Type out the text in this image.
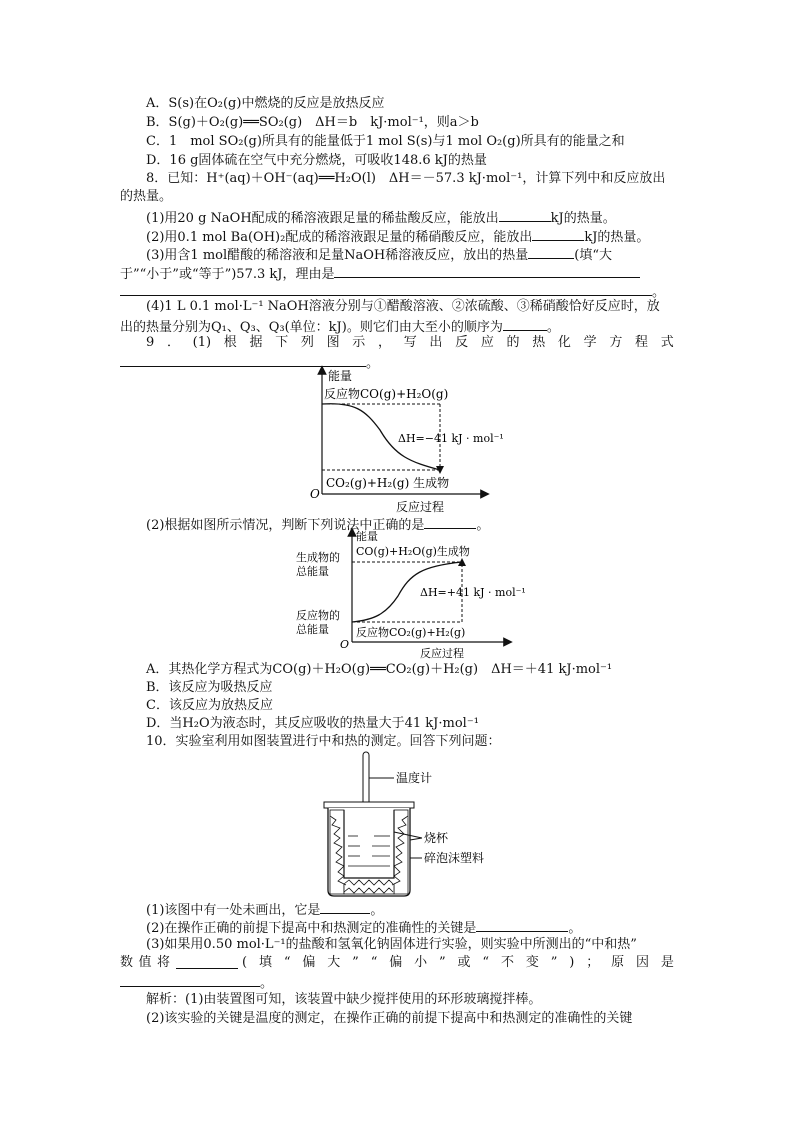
A．S(s)在O₂(g)中燃烧的反应是放热反应
B．S(g)＋O₂(g)══SO₂(g)　ΔH＝b　kJ·mol⁻¹，则a＞b
C．1　mol SO₂(g)所具有的能量低于1 mol S(s)与1 mol O₂(g)所具有的能量之和
D．16 g固体硫在空气中充分燃烧，可吸收148.6 kJ的热量
8．已知：H⁺(aq)＋OH⁻(aq)══H₂O(l)　ΔH＝－57.3 kJ·mol⁻¹，计算下列中和反应放出
的热量。
(1)用20 g NaOH配成的稀溶液跟足量的稀盐酸反应，能放出	kJ的热量。
(2)用0.1 mol Ba(OH)₂配成的稀溶液跟足量的稀硝酸反应，能放出	kJ的热量。
(3)用含1 mol醋酸的稀溶液和足量NaOH稀溶液反应，放出的热量	(填“大
于”“小于”或“等于”)57.3 kJ，理由是
。
(4)1 L 0.1 mol·L⁻¹ NaOH溶液分别与①醋酸溶液、②浓硫酸、③稀硝酸恰好反应时，放
出的热量分别为Q₁、Q₃、Q₃(单位：kJ)。则它们由大至小的顺序为	。
9 ． (1) 根 据 下 列 图 示 ， 写 出 反 应 的 热 化 学 方 程 式
。
能量
反应物CO(g)+H₂O(g)
ΔH=−41 kJ · mol⁻¹
CO₂(g)+H₂(g) 生成物
O
反应过程
(2)根据如图所示情况，判断下列说法中正确的是	。
能量
生成物的
总能量
CO(g)+H₂O(g)生成物
ΔH=+41 kJ · mol⁻¹
反应物的
总能量 反应物CO₂(g)+H₂(g)
O
反应过程
A．其热化学方程式为CO(g)＋H₂O(g)══CO₂(g)＋H₂(g)　ΔH＝＋41 kJ·mol⁻¹
B．该反应为吸热反应
C．该反应为放热反应
D．当H₂O为液态时，其反应吸收的热量大于41 kJ·mol⁻¹
10．实验室利用如图装置进行中和热的测定。回答下列问题：
温度计
烧杯
碎泡沫塑料
(1)该图中有一处未画出，它是	。
(2)在操作正确的前提下提高中和热测定的准确性的关键是	。
(3)如果用0.50 mol·L⁻¹的盐酸和氢氧化钠固体进行实验，则实验中所测出的“中和热”
数 值 将	( 填 “ 偏 大 ” “ 偏 小 ” 或 “ 不 变 ” ) ； 原 因 是
。
解析：(1)由装置图可知，该装置中缺少搅拌使用的环形玻璃搅拌棒。
(2)该实验的关键是温度的测定，在操作正确的前提下提高中和热测定的准确性的关键
